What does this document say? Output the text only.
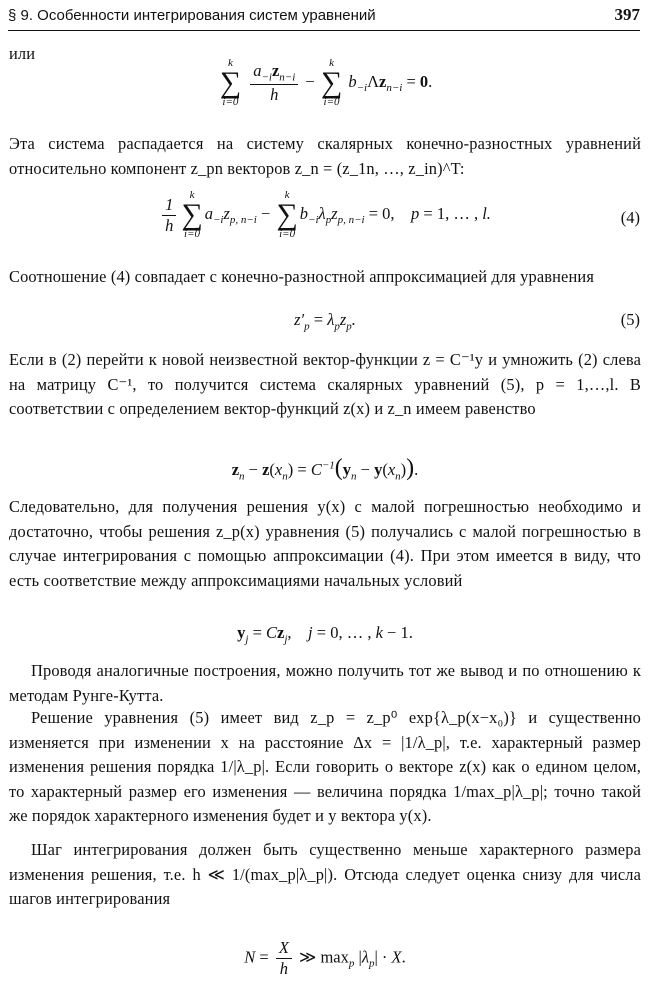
§ 9. Особенности интегрирования систем уравнений	397
или	k
∑
i=0
$\frac{a_{-i}z_{n-i}}{h}$ −
k
∑
i=0
$b_{-i}\Lambda z_{n-i} = 0$.
Эта система распадается на систему скалярных конечно-разностных уравнений относительно компонент z_pn векторов z_n = (z_1n, …, z_in)^T:
$\frac{1}{h}$	k
∑
i=0
$a_{-i}z_{p, n-i}$ −
k
∑
i=0
$b_{-i}\lambda_pz_{p, n-i} = 0$,    p = 1, … , l.	(4)
Соотношение (4) совпадает с конечно-разностной аппроксимацией для уравнения
$z'_p = \lambda_pz_p$.	(5)
Если в (2) перейти к новой неизвестной вектор-функции z = C⁻¹y и умножить (2) слева на матрицу C⁻¹, то получится система скалярных уравнений (5), p = 1,…,l. В соответствии с определением вектор-функций z(x) и z_n имеем равенство
$z_n - z(x_n) = C^{-1}(y_n - y(x_n))$.
Следовательно, для получения решения y(x) с малой погрешностью необходимо и достаточно, чтобы решения z_p(x) уравнения (5) получались с малой погрешностью в случае интегрирования с помощью аппроксимации (4). При этом имеется в виду, что есть соответствие между аппроксимациями начальных условий
$y_j = Cz_j$,    j = 0, … , k − 1.
Проводя аналогичные построения, можно получить тот же вывод и по отношению к методам Рунге-Кутта.
Решение уравнения (5) имеет вид z_p = z_p⁰ exp{λ_p(x−x₀)} и существенно изменяется при изменении x на расстояние Δx = |1/λ_p|, т.е. характерный размер изменения решения порядка 1/|λ_p|. Если говорить о векторе z(x) как о едином целом, то характерный размер его изменения — величина порядка 1/max_p|λ_p|; точно такой же порядок характерного изменения будет и у вектора y(x).
Шаг интегрирования должен быть существенно меньше характерного размера изменения решения, т.е. h ≪ 1/(max_p|λ_p|). Отсюда следует оценка снизу для числа шагов интегрирования
$N = \frac{X}{h}$ ≫ $\max_p |\lambda_p| \cdot X$.
